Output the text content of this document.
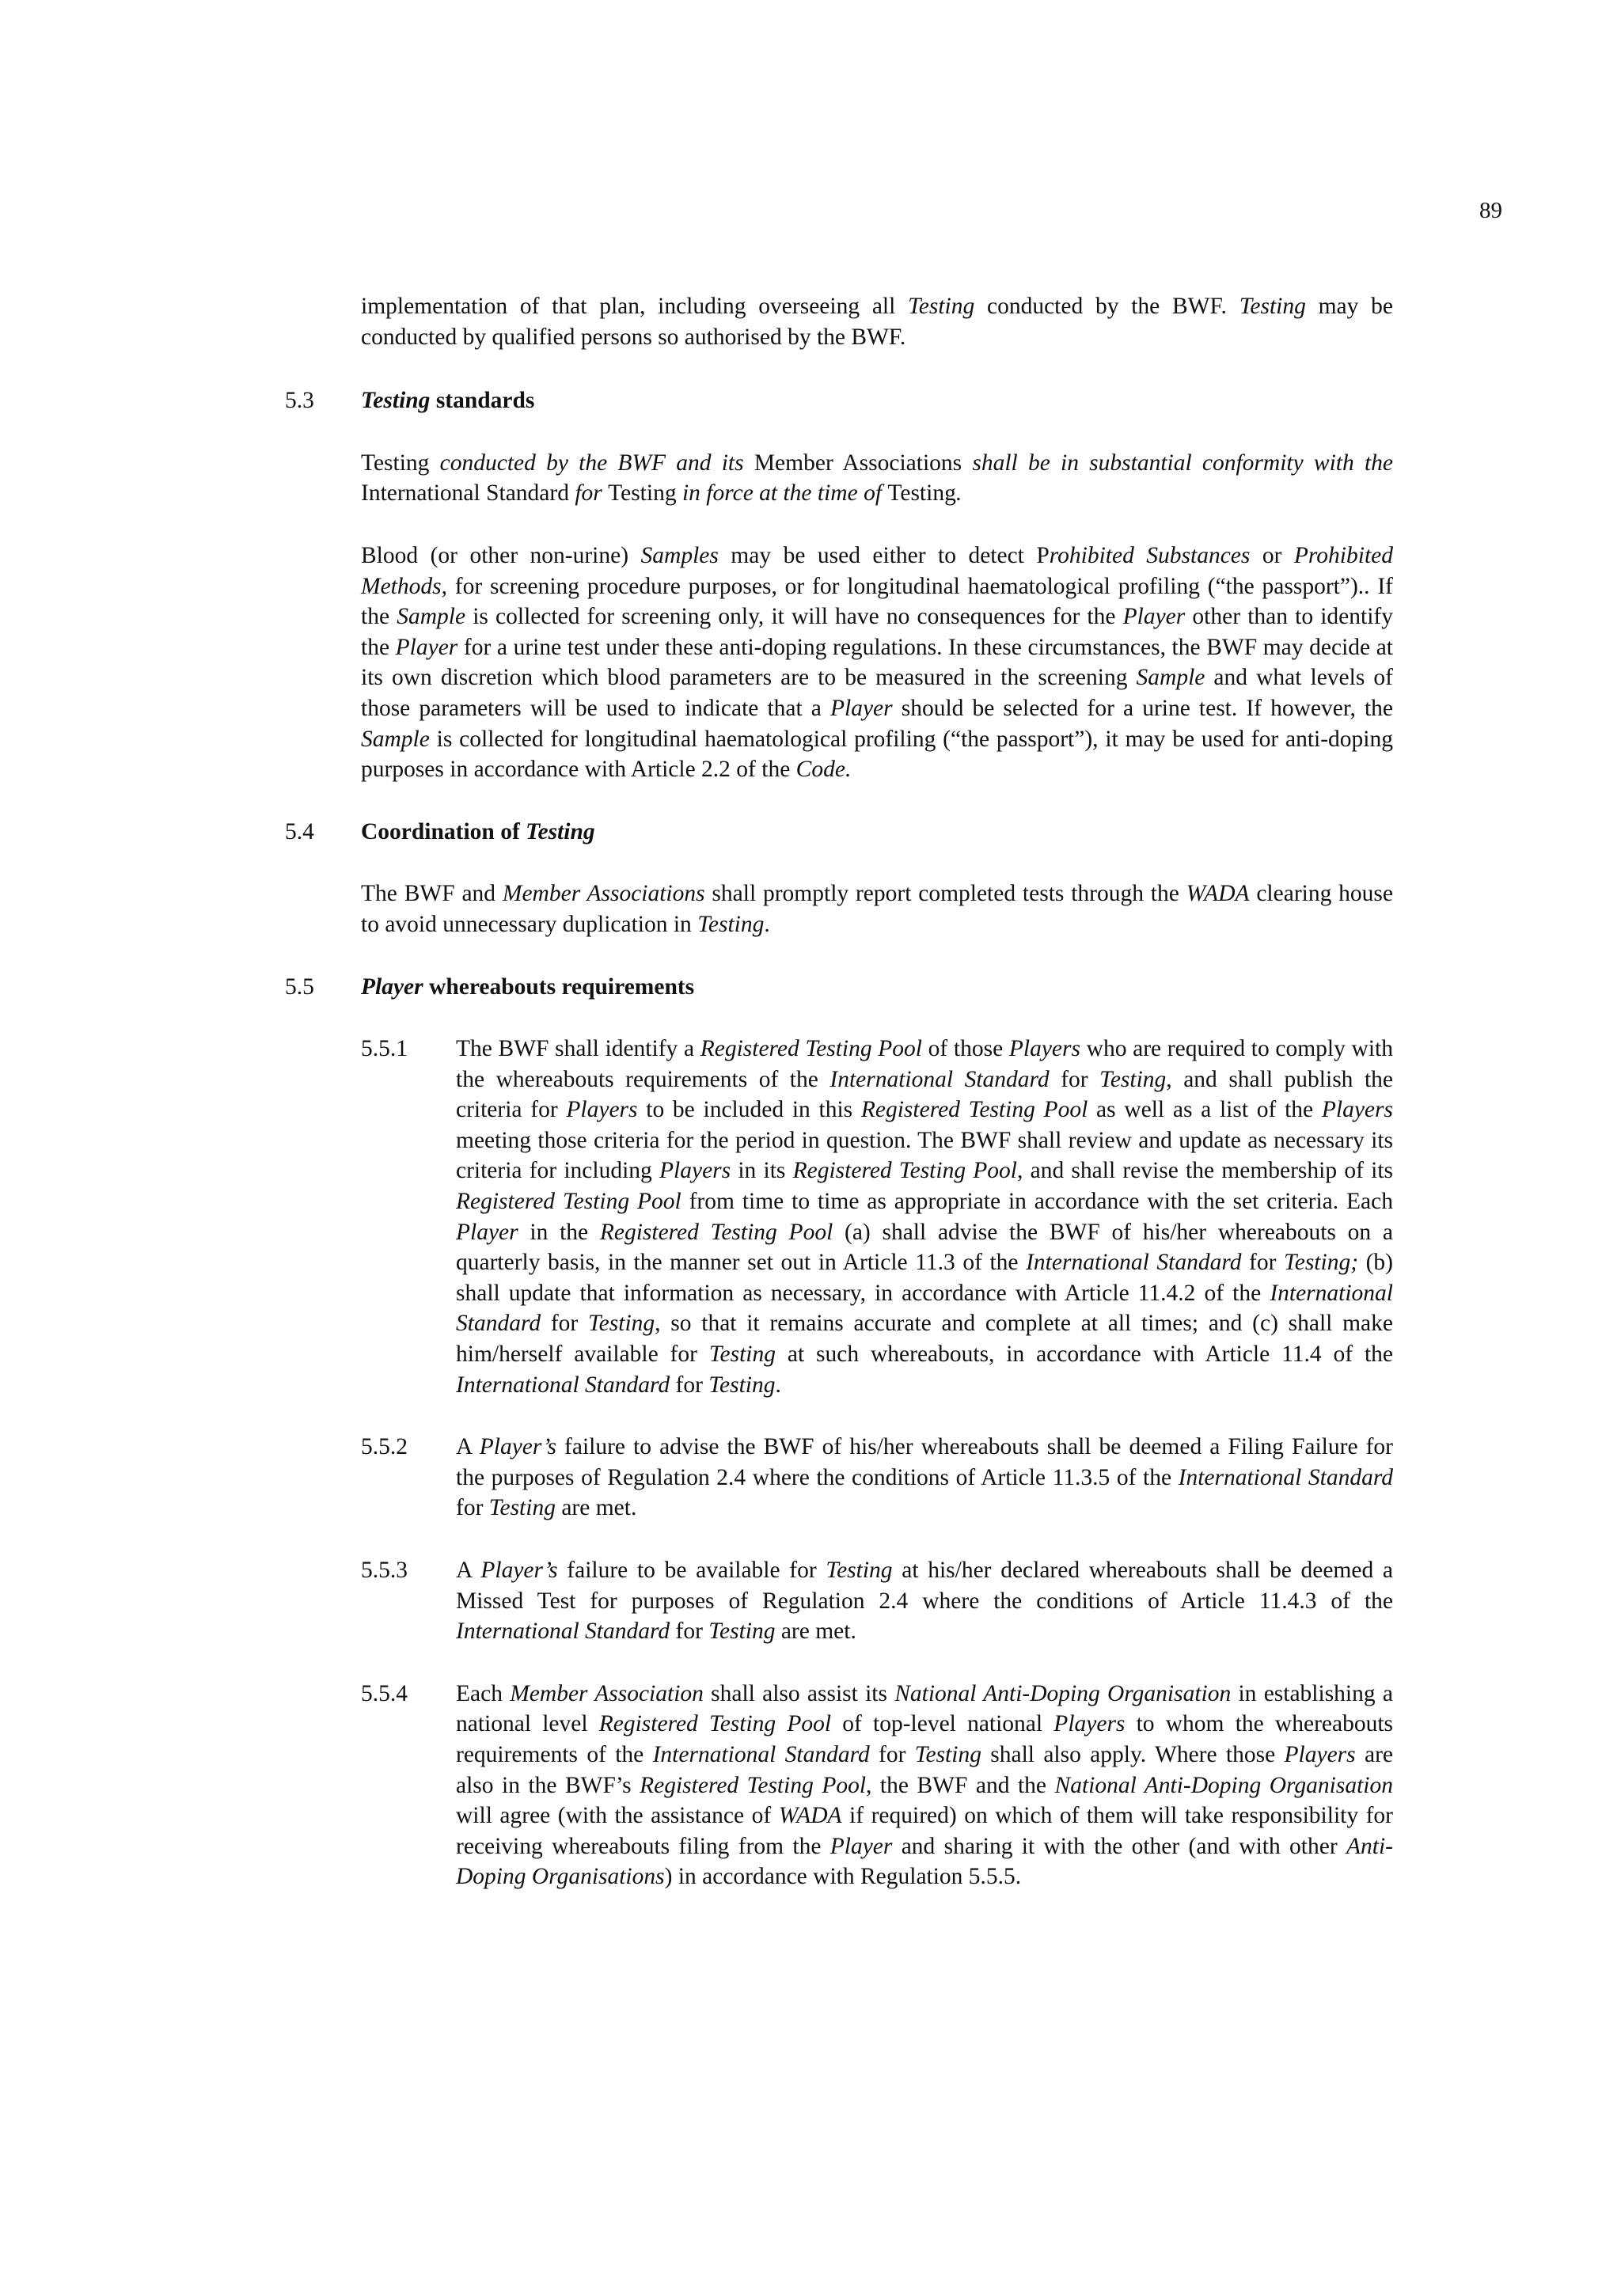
89

implementation of that plan, including overseeing all Testing conducted by the BWF. Testing may be conducted by qualified persons so authorised by the BWF.

5.3 Testing standards

Testing conducted by the BWF and its Member Associations shall be in substantial conformity with the International Standard for Testing in force at the time of Testing.

Blood (or other non-urine) Samples may be used either to detect Prohibited Substances or Prohibited Methods, for screening procedure purposes, or for longitudinal haematological profiling (“the passport”).. If the Sample is collected for screening only, it will have no consequences for the Player other than to identify the Player for a urine test under these anti-doping regulations. In these circumstances, the BWF may decide at its own discretion which blood parameters are to be measured in the screening Sample and what levels of those parameters will be used to indicate that a Player should be selected for a urine test. If however, the Sample is collected for longitudinal haematological profiling (“the passport”), it may be used for anti-doping purposes in accordance with Article 2.2 of the Code.

5.4 Coordination of Testing

The BWF and Member Associations shall promptly report completed tests through the WADA clearing house to avoid unnecessary duplication in Testing.

5.5 Player whereabouts requirements
5.5.1 The BWF shall identify a Registered Testing Pool of those Players who are required to comply with the whereabouts requirements of the International Standard for Testing, and shall publish the criteria for Players to be included in this Registered Testing Pool as well as a list of the Players meeting those criteria for the period in question. The BWF shall review and update as necessary its criteria for including Players in its Registered Testing Pool, and shall revise the membership of its Registered Testing Pool from time to time as appropriate in accordance with the set criteria. Each Player in the Registered Testing Pool (a) shall advise the BWF of his/her whereabouts on a quarterly basis, in the manner set out in Article 11.3 of the International Standard for Testing; (b) shall update that information as necessary, in accordance with Article 11.4.2 of the International Standard for Testing, so that it remains accurate and complete at all times; and (c) shall make him/herself available for Testing at such whereabouts, in accordance with Article 11.4 of the International Standard for Testing.

5.5.2 A Player’s failure to advise the BWF of his/her whereabouts shall be deemed a Filing Failure for the purposes of Regulation 2.4 where the conditions of Article 11.3.5 of the International Standard for Testing are met.

5.5.3 A Player’s failure to be available for Testing at his/her declared whereabouts shall be deemed a Missed Test for purposes of Regulation 2.4 where the conditions of Article 11.4.3 of the International Standard for Testing are met.

5.5.4 Each Member Association shall also assist its National Anti-Doping Organisation in establishing a national level Registered Testing Pool of top-level national Players to whom the whereabouts requirements of the International Standard for Testing shall also apply. Where those Players are also in the BWF’s Registered Testing Pool, the BWF and the National Anti-Doping Organisation will agree (with the assistance of WADA if required) on which of them will take responsibility for receiving whereabouts filing from the Player and sharing it with the other (and with other Anti-Doping Organisations) in accordance with Regulation 5.5.5.
